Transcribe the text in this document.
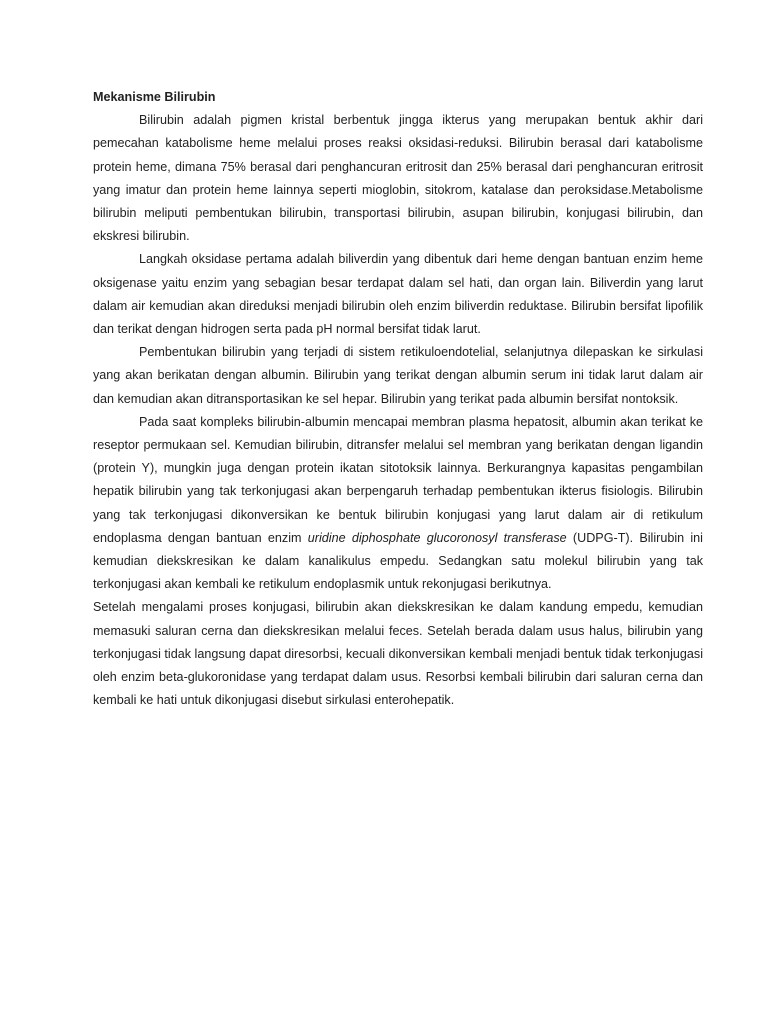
Mekanisme Bilirubin

Bilirubin adalah pigmen kristal berbentuk jingga ikterus yang merupakan bentuk akhir dari pemecahan katabolisme heme melalui proses reaksi oksidasi-reduksi. Bilirubin berasal dari katabolisme protein heme, dimana 75% berasal dari penghancuran eritrosit dan 25% berasal dari penghancuran eritrosit yang imatur dan protein heme lainnya seperti mioglobin, sitokrom, katalase dan peroksidase.Metabolisme bilirubin meliputi pembentukan bilirubin, transportasi bilirubin, asupan bilirubin, konjugasi bilirubin, dan ekskresi bilirubin.

Langkah oksidase pertama adalah biliverdin yang dibentuk dari heme dengan bantuan enzim heme oksigenase yaitu enzim yang sebagian besar terdapat dalam sel hati, dan organ lain. Biliverdin yang larut dalam air kemudian akan direduksi menjadi bilirubin oleh enzim biliverdin reduktase. Bilirubin bersifat lipofilik dan terikat dengan hidrogen serta pada pH normal bersifat tidak larut.

Pembentukan bilirubin yang terjadi di sistem retikuloendotelial, selanjutnya dilepaskan ke sirkulasi yang akan berikatan dengan albumin. Bilirubin yang terikat dengan albumin serum ini tidak larut dalam air dan kemudian akan ditransportasikan ke sel hepar. Bilirubin yang terikat pada albumin bersifat nontoksik.

Pada saat kompleks bilirubin-albumin mencapai membran plasma hepatosit, albumin akan terikat ke reseptor permukaan sel. Kemudian bilirubin, ditransfer melalui sel membran yang berikatan dengan ligandin (protein Y), mungkin juga dengan protein ikatan sitotoksik lainnya. Berkurangnya kapasitas pengambilan hepatik bilirubin yang tak terkonjugasi akan berpengaruh terhadap pembentukan ikterus fisiologis. Bilirubin yang tak terkonjugasi dikonversikan ke bentuk bilirubin konjugasi yang larut dalam air di retikulum endoplasma dengan bantuan enzim uridine diphosphate glucoronosyl transferase (UDPG-T). Bilirubin ini kemudian diekskresikan ke dalam kanalikulus empedu. Sedangkan satu molekul bilirubin yang tak terkonjugasi akan kembali ke retikulum endoplasmik untuk rekonjugasi berikutnya.

Setelah mengalami proses konjugasi, bilirubin akan diekskresikan ke dalam kandung empedu, kemudian memasuki saluran cerna dan diekskresikan melalui feces. Setelah berada dalam usus halus, bilirubin yang terkonjugasi tidak langsung dapat diresorbsi, kecuali dikonversikan kembali menjadi bentuk tidak terkonjugasi oleh enzim beta-glukoronidase yang terdapat dalam usus. Resorbsi kembali bilirubin dari saluran cerna dan kembali ke hati untuk dikonjugasi disebut sirkulasi enterohepatik.
